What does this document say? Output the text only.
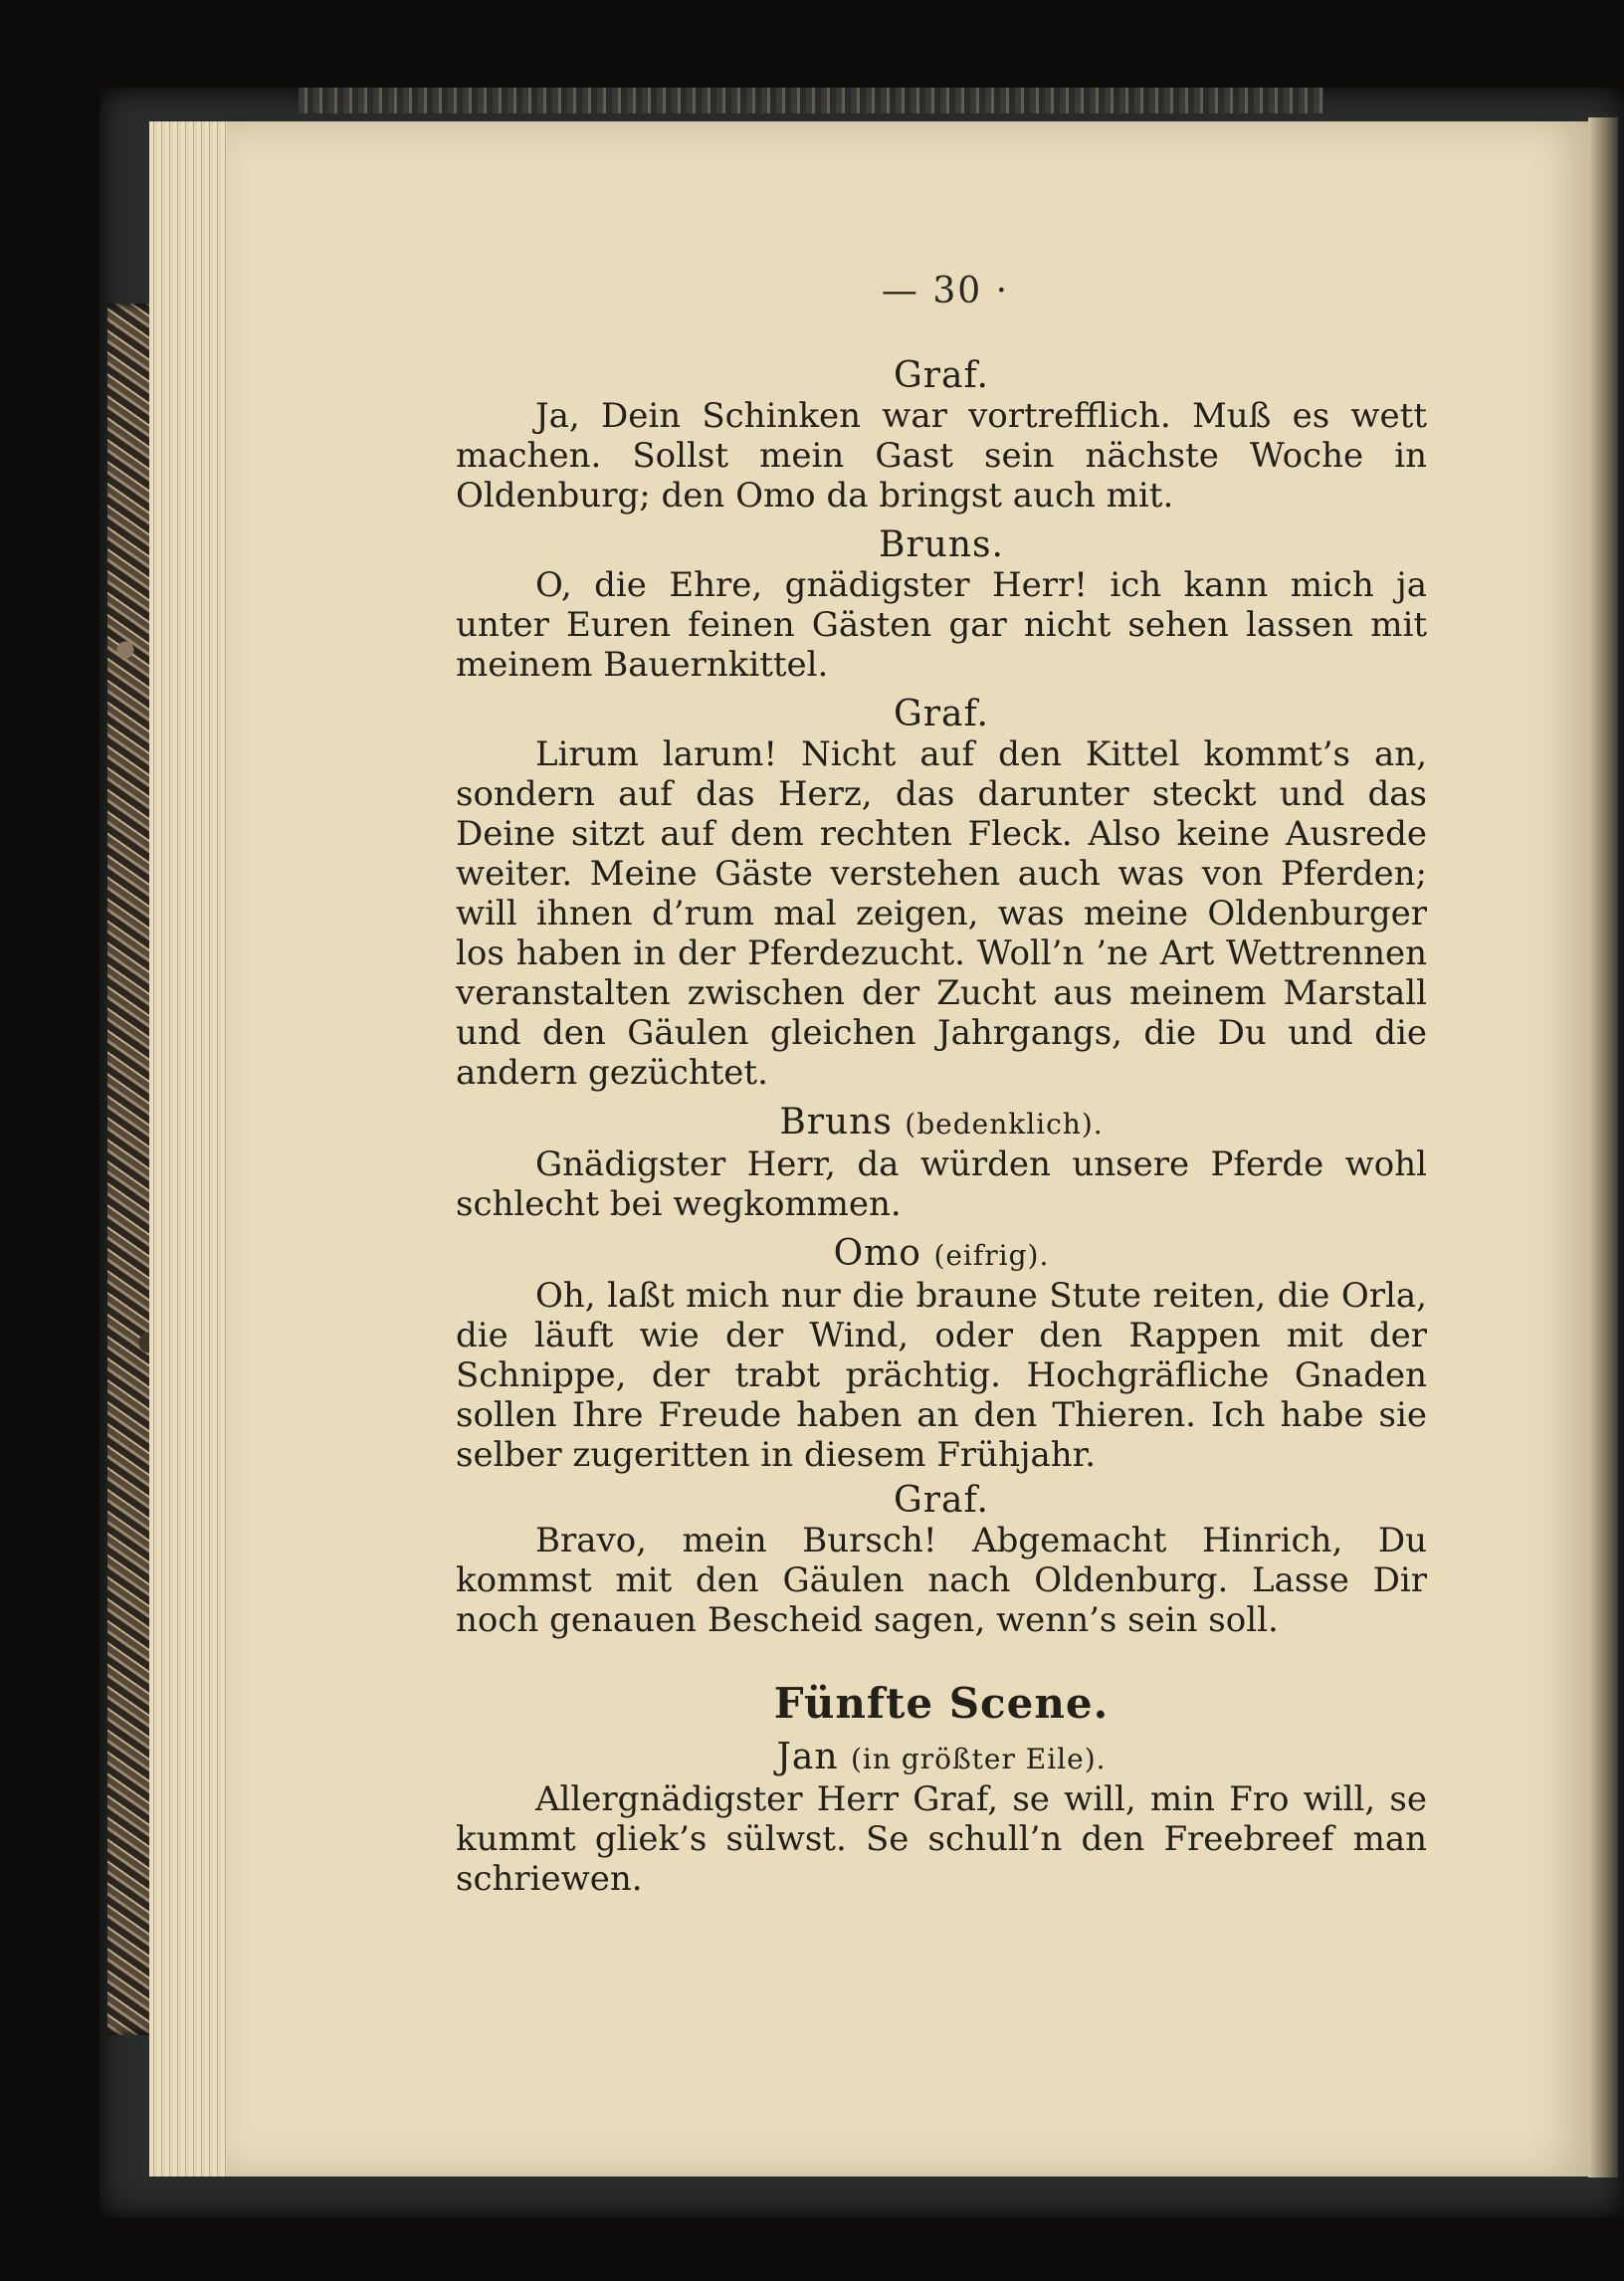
— 30 ·

Graf.

Ja, Dein Schinken war vortrefflich. Muß es wett machen. Sollst mein Gast sein nächste Woche in Oldenburg; den Omo da bringst auch mit.

Bruns.

O, die Ehre, gnädigster Herr! ich kann mich ja unter Euren feinen Gästen gar nicht sehen lassen mit meinem Bauernkittel.

Graf.

Lirum larum! Nicht auf den Kittel kommt’s an, sondern auf das Herz, das darunter steckt und das Deine sitzt auf dem rechten Fleck. Also keine Ausrede weiter. Meine Gäste verstehen auch was von Pferden; will ihnen d’rum mal zeigen, was meine Oldenburger los haben in der Pferdezucht. Woll’n ’ne Art Wettrennen veranstalten zwischen der Zucht aus meinem Marstall und den Gäulen gleichen Jahrgangs, die Du und die andern gezüchtet.

Bruns (bedenklich).

Gnädigster Herr, da würden unsere Pferde wohl schlecht bei wegkommen.

Omo (eifrig).

Oh, laßt mich nur die braune Stute reiten, die Orla, die läuft wie der Wind, oder den Rappen mit der Schnippe, der trabt prächtig. Hochgräfliche Gnaden sollen Ihre Freude haben an den Thieren. Ich habe sie selber zugeritten in diesem Frühjahr.

Graf.

Bravo, mein Bursch! Abgemacht Hinrich, Du kommst mit den Gäulen nach Oldenburg. Lasse Dir noch genauen Bescheid sagen, wenn’s sein soll.

Fünfte Scene.

Jan (in größter Eile).

Allergnädigster Herr Graf, se will, min Fro will, se kummt gliek’s sülwst. Se schull’n den Freebreef man schriewen.
